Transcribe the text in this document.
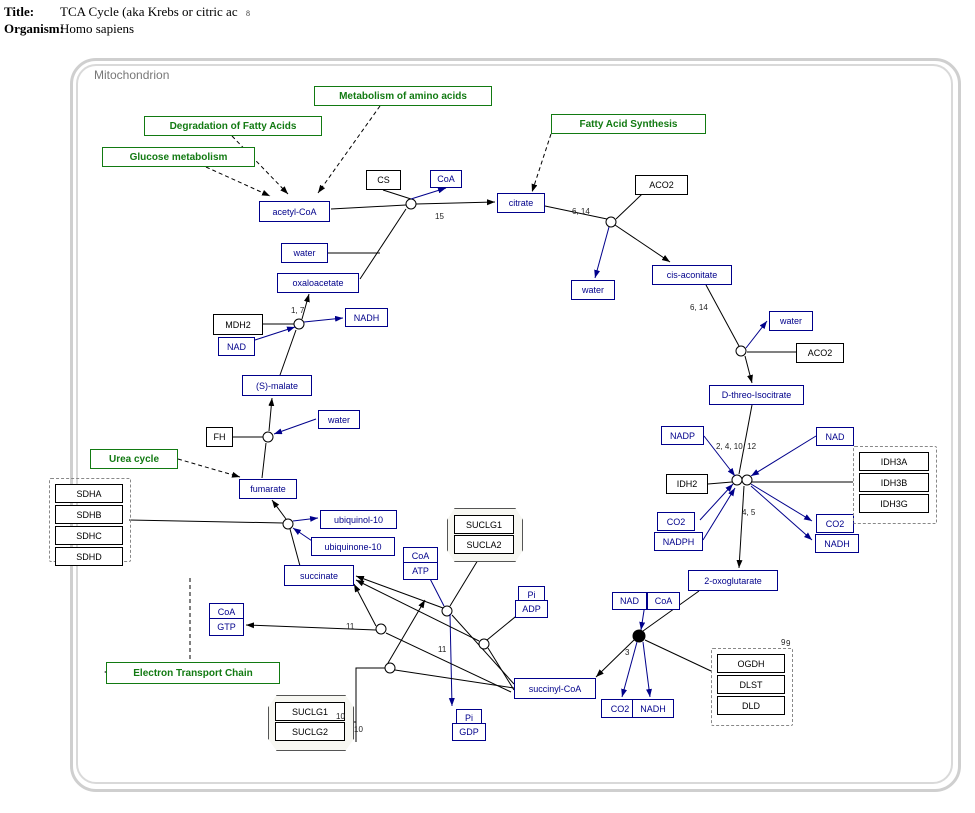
Title: TCA Cycle (aka Krebs or citric ac
Organism:Homo sapiens
8
Mitochondrion
Metabolism of amino acids
Degradation of Fatty Acids	Fatty Acid Synthesis
Glucose metabolism
Urea cycle
Electron Transport Chain
acetyl-CoA
CoA
citrate
water
oxaloacetate
water
cis-aconitate
NADH	water
NAD
(S)-malate
D-threo-Isocitrate
water
NADP	NAD
fumarate
ubiquinol-10	CO2	CO2
ubiquinone-10
CoA
NADPH	NADH
ATP
succinate	2-oxoglutarate
Pi
ADP
NAD	CoA
CoA
GTP
succinyl-CoA
CO2	NADH
Pi
GDP
CS	ACO2
MDH2
ACO2
FH
IDH2
SDHA
SDHB
SDHC
SDHD
IDH3A
IDH3B
IDH3G
OGDH
DLST
DLD
9
SUCLG1
SUCLA2
SUCLG1
SUCLG2	10
15
6, 14
1, 7	6, 14
2, 4, 10, 12
4, 5
3
11
11
9
10
